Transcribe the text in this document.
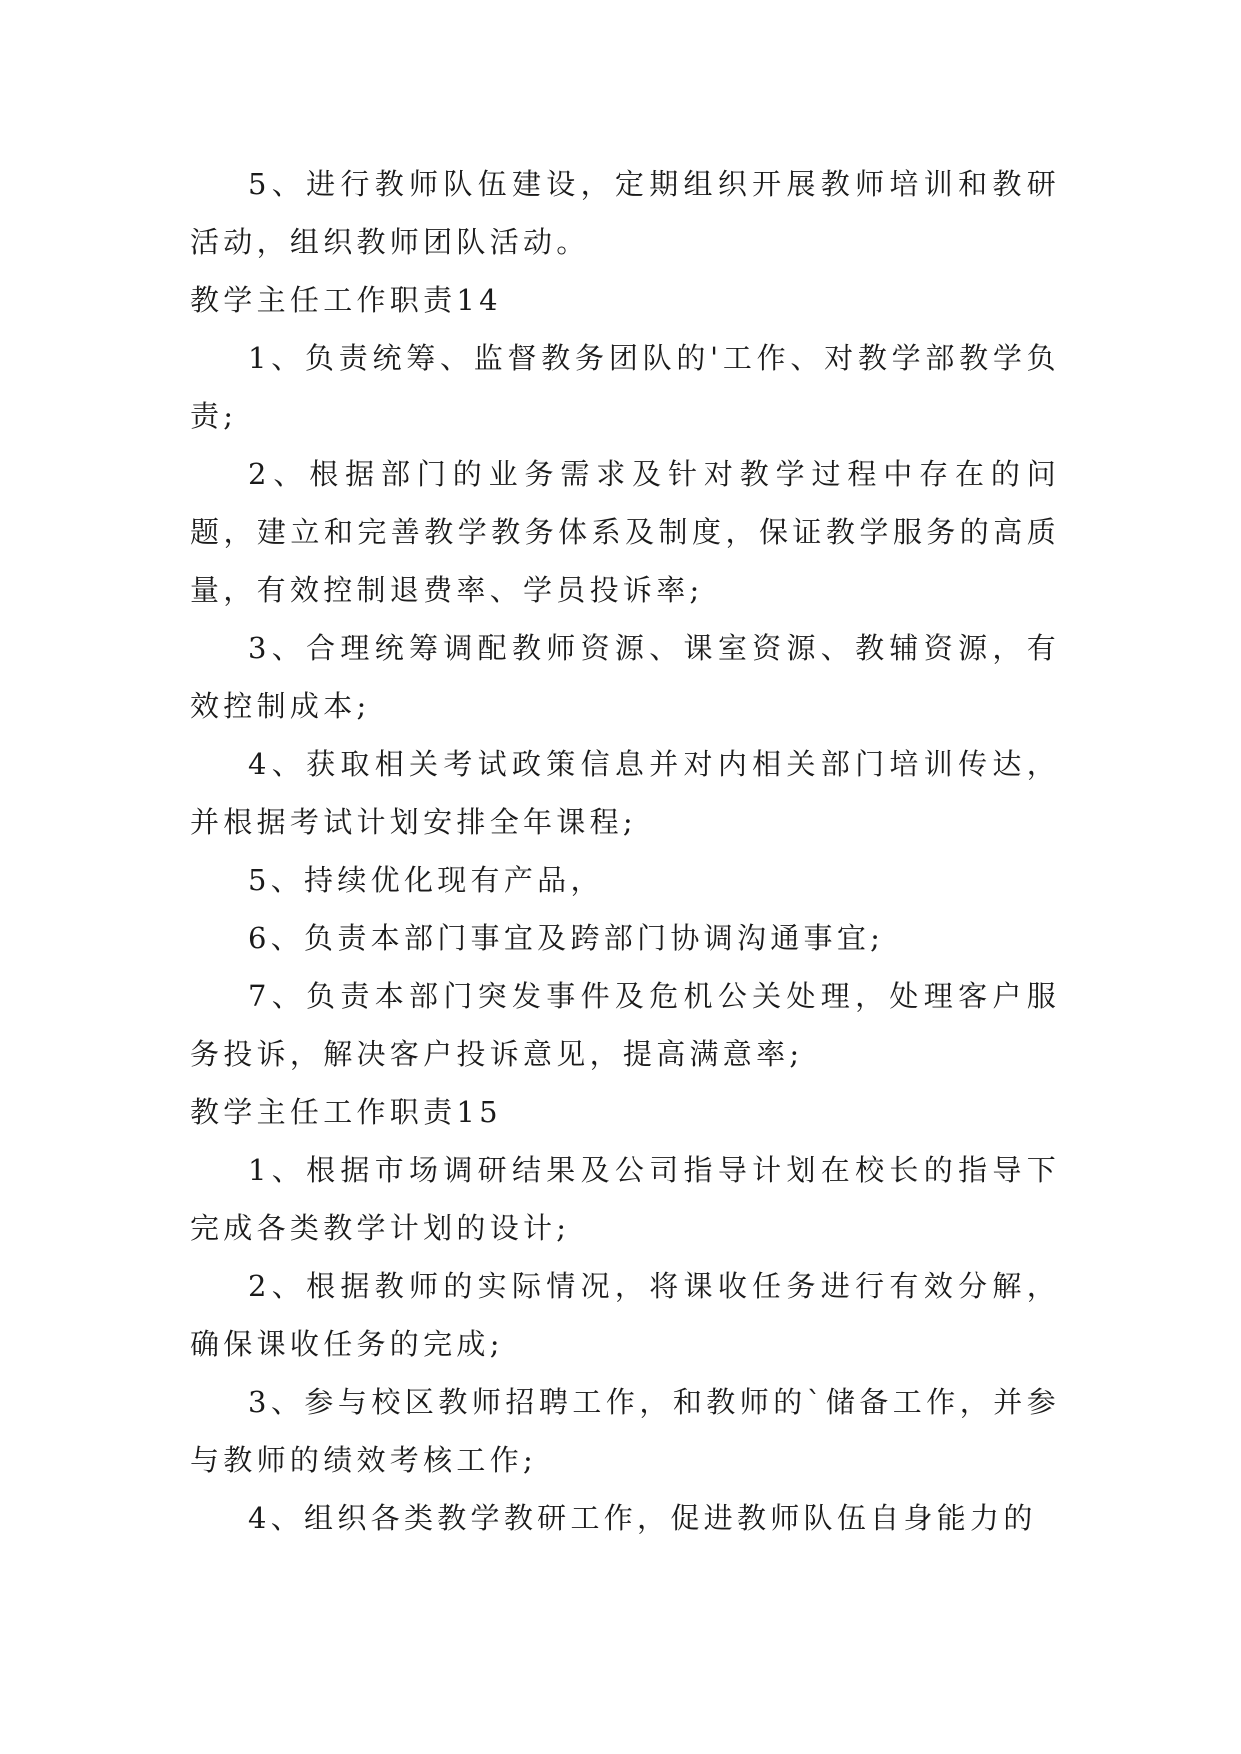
5、进行教师队伍建设，定期组织开展教师培训和教研活动，组织教师团队活动。

教学主任工作职责14

1、负责统筹、监督教务团队的'工作、对教学部教学负责;

2、根据部门的业务需求及针对教学过程中存在的问题，建立和完善教学教务体系及制度，保证教学服务的高质量，有效控制退费率、学员投诉率;

3、合理统筹调配教师资源、课室资源、教辅资源，有效控制成本;

4、获取相关考试政策信息并对内相关部门培训传达，并根据考试计划安排全年课程;

5、持续优化现有产品，

6、负责本部门事宜及跨部门协调沟通事宜;

7、负责本部门突发事件及危机公关处理，处理客户服务投诉，解决客户投诉意见，提高满意率;

教学主任工作职责15

1、根据市场调研结果及公司指导计划在校长的指导下完成各类教学计划的设计;

2、根据教师的实际情况，将课收任务进行有效分解，确保课收任务的完成;

3、参与校区教师招聘工作，和教师的`储备工作，并参与教师的绩效考核工作;

4、组织各类教学教研工作，促进教师队伍自身能力的
